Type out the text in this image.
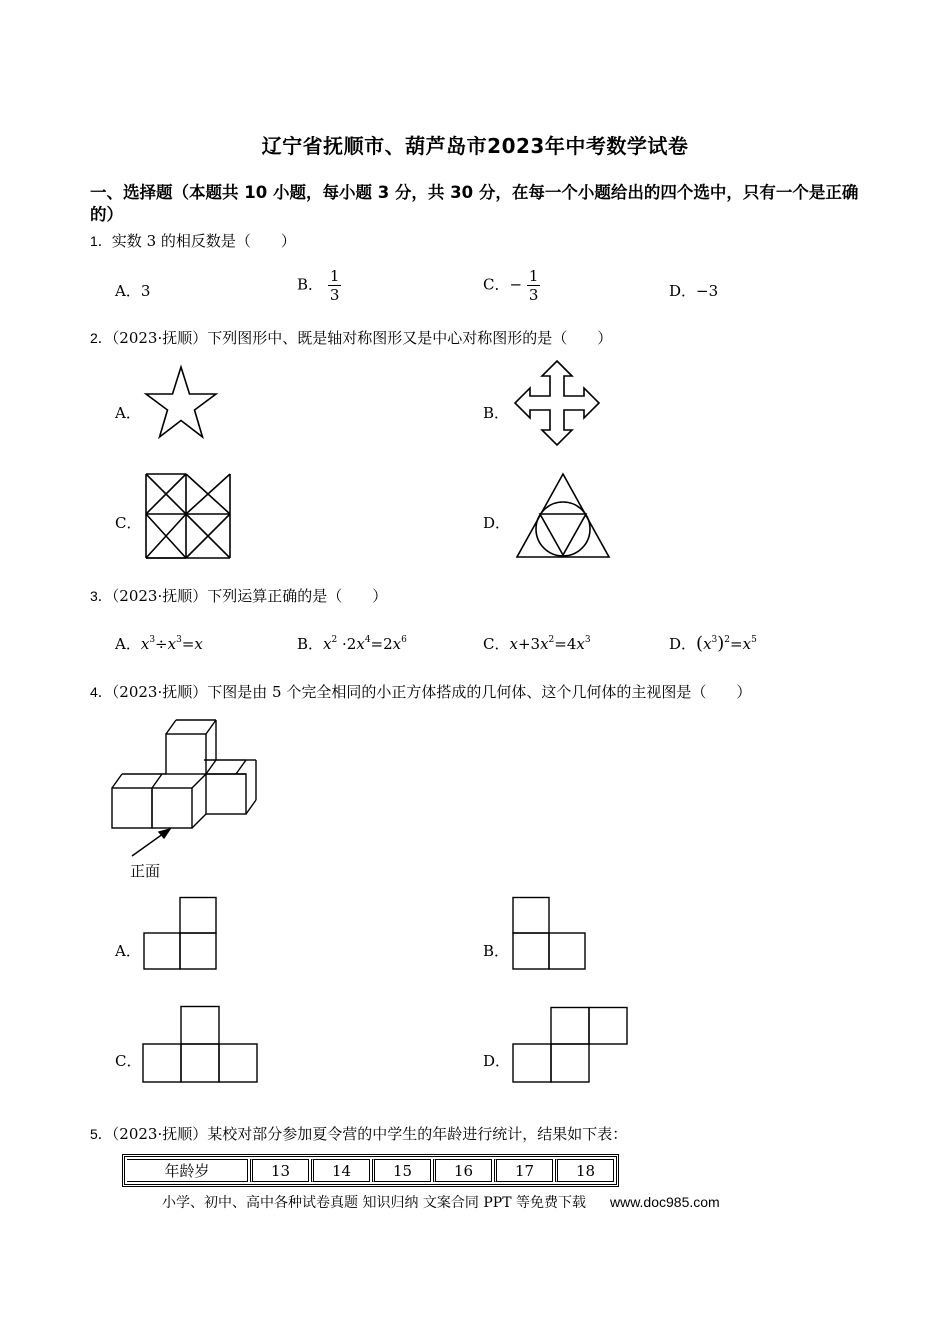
辽宁省抚顺市、葫芦岛市2023年中考数学试卷
一、选择题（本题共 10 小题，每小题 3 分，共 30 分，在每一个小题给出的四个选中，只有一个是正确的）
1．实数 3 的相反数是（　　）
A．3	B． $\frac{1}{3}$	C．− $\frac{1}{3}$	D．−3
2．（2023·抚顺）下列图形中、既是轴对称图形又是中心对称图形的是（　　）
A．	B．
C．	D．
3．（2023·抚顺）下列运算正确的是（　　）
A．$x^3\div x^3=x$	B．$x^2 \cdot 2x^4=2x^6$	C．$x+3x^2=4x^3$	D．$(x^3)^2=x^5$
4．（2023·抚顺）下图是由 5 个完全相同的小正方体搭成的几何体、这个几何体的主视图是（　　）
正面
A．	B．
C．	D．
5．（2023·抚顺）某校对部分参加夏令营的中学生的年龄进行统计，结果如下表：
年龄岁	13	14	15	16	17	18
小学、初中、高中各种试卷真题 知识归纳 文案合同 PPT 等免费下载 www.doc985.com
